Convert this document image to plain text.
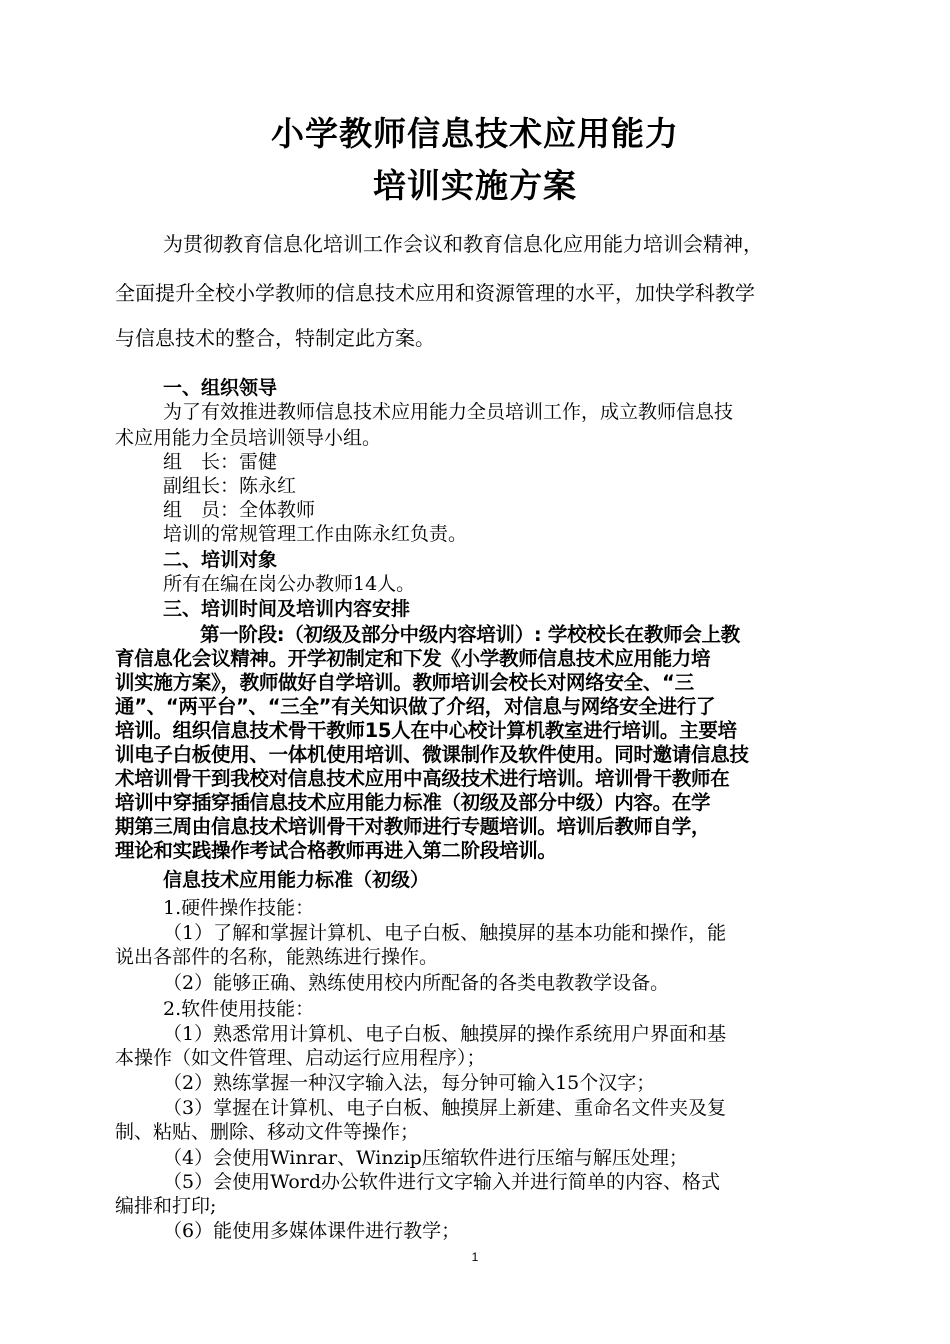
小学教师信息技术应用能力
培训实施方案
为贯彻教育信息化培训工作会议和教育信息化应用能力培训会精神，
全面提升全校小学教师的信息技术应用和资源管理的水平，加快学科教学
与信息技术的整合，特制定此方案。
一、组织领导
为了有效推进教师信息技术应用能力全员培训工作，成立教师信息技
术应用能力全员培训领导小组。
组　长：雷健
副组长：陈永红
组　员：全体教师
培训的常规管理工作由陈永红负责。
二、培训对象
所有在编在岗公办教师14人。
三、培训时间及培训内容安排
第一阶段:（初级及部分中级内容培训）: 学校校长在教师会上教
育信息化会议精神。开学初制定和下发《小学教师信息技术应用能力培
训实施方案》，教师做好自学培训。教师培训会校长对网络安全、“三
通”、“两平台”、“三全”有关知识做了介绍，对信息与网络安全进行了
培训。组织信息技术骨干教师15人在中心校计算机教室进行培训。主要培
训电子白板使用、一体机使用培训、微课制作及软件使用。同时邀请信息技
术培训骨干到我校对信息技术应用中高级技术进行培训。培训骨干教师在
培训中穿插穿插信息技术应用能力标准（初级及部分中级）内容。在学
期第三周由信息技术培训骨干对教师进行专题培训。培训后教师自学，
理论和实践操作考试合格教师再进入第二阶段培训。
信息技术应用能力标准（初级）
1.硬件操作技能：
（1）了解和掌握计算机、电子白板、触摸屏的基本功能和操作，能
说出各部件的名称，能熟练进行操作。
（2）能够正确、熟练使用校内所配备的各类电教教学设备。
2.软件使用技能：
（1）熟悉常用计算机、电子白板、触摸屏的操作系统用户界面和基
本操作（如文件管理、启动运行应用程序）；
（2）熟练掌握一种汉字输入法，每分钟可输入15个汉字；
（3）掌握在计算机、电子白板、触摸屏上新建、重命名文件夹及复
制、粘贴、删除、移动文件等操作；
（4）会使用Winrar、Winzip压缩软件进行压缩与解压处理；
（5）会使用Word办公软件进行文字输入并进行简单的内容、格式
编排和打印;
（6）能使用多媒体课件进行教学；
1
